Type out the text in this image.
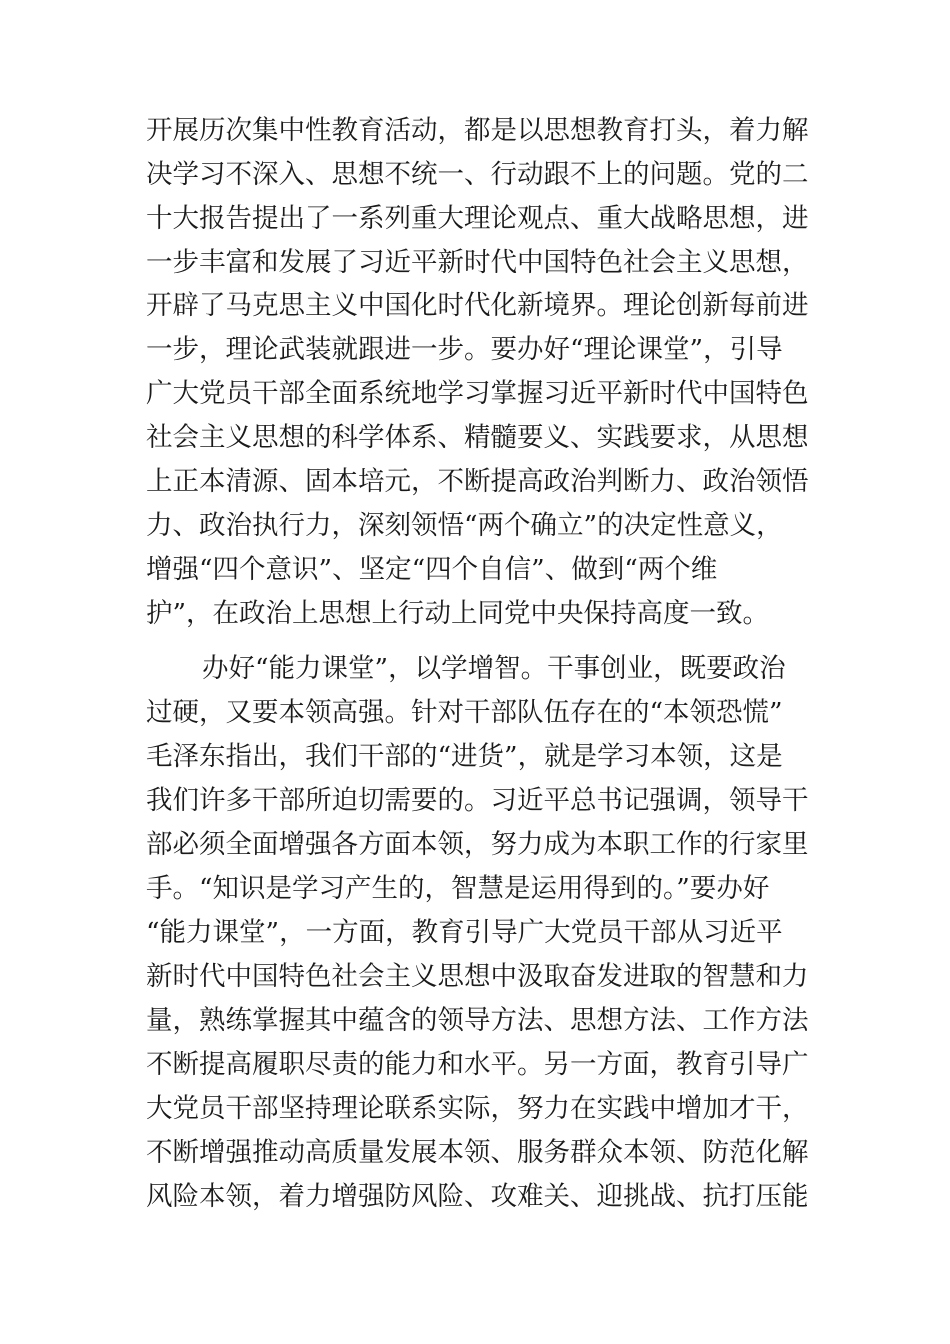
开展历次集中性教育活动，都是以思想教育打头，着力解
决学习不深入、思想不统一、行动跟不上的问题。党的二
十大报告提出了一系列重大理论观点、重大战略思想，进
一步丰富和发展了习近平新时代中国特色社会主义思想，
开辟了马克思主义中国化时代化新境界。理论创新每前进
一步，理论武装就跟进一步。要办好“理论课堂”，引导
广大党员干部全面系统地学习掌握习近平新时代中国特色
社会主义思想的科学体系、精髓要义、实践要求，从思想
上正本清源、固本培元，不断提高政治判断力、政治领悟
力、政治执行力，深刻领悟“两个确立”的决定性意义，
增强“四个意识”、坚定“四个自信”、做到“两个维
护”，在政治上思想上行动上同党中央保持高度一致。
办好“能力课堂”，以学增智。干事创业，既要政治
过硬，又要本领高强。针对干部队伍存在的“本领恐慌”
毛泽东指出，我们干部的“进货”，就是学习本领，这是
我们许多干部所迫切需要的。习近平总书记强调，领导干
部必须全面增强各方面本领，努力成为本职工作的行家里
手。“知识是学习产生的，智慧是运用得到的。”要办好
“能力课堂”，一方面，教育引导广大党员干部从习近平
新时代中国特色社会主义思想中汲取奋发进取的智慧和力
量，熟练掌握其中蕴含的领导方法、思想方法、工作方法
不断提高履职尽责的能力和水平。另一方面，教育引导广
大党员干部坚持理论联系实际，努力在实践中增加才干，
不断增强推动高质量发展本领、服务群众本领、防范化解
风险本领，着力增强防风险、攻难关、迎挑战、抗打压能
